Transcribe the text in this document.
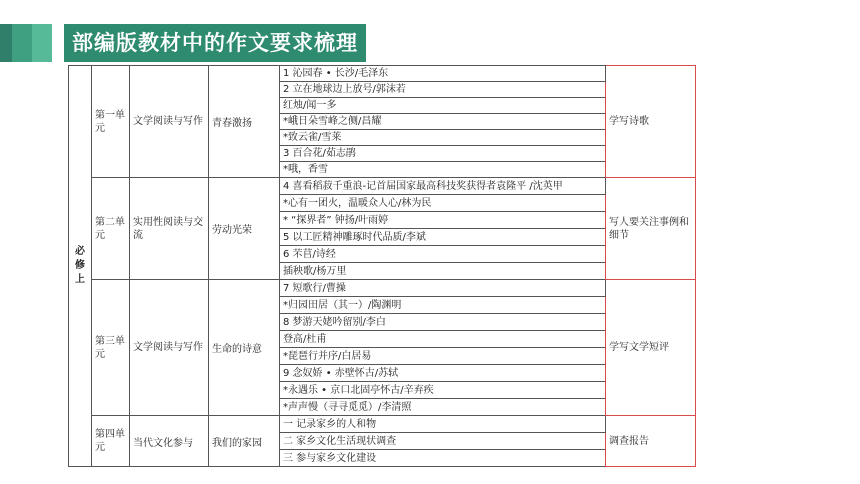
部编版教材中的作文要求梳理
必修上	第一单元	文学阅读与写作	青春激扬	1 沁园春 • 长沙/毛泽东	学写诗歌
				2 立在地球边上放号/郭沫若	
				红烛/闻一多	
				*峨日朵雪峰之侧/昌耀	
				*致云雀/雪莱	
				3 百合花/茹志鹃	
				*哦，香雪	
	第二单元	实用性阅读与交流	劳动光荣	4 喜看稻菽千重浪-记首届国家最高科技奖获得者袁隆平 /沈英甲	写人要关注事例和细节
				*心有一团火，温暖众人心/林为民	
				* “探界者” 钟扬/叶雨婷	
				5 以工匠精神雕琢时代品质/李斌	
				6 芣苢/诗经	
				插秧歌/杨万里	
	第三单元	文学阅读与写作	生命的诗意	7 短歌行/曹操	学写文学短评
				*归园田居（其一）/陶渊明	
				8 梦游天姥吟留别/李白	
				登高/杜甫	
				*琵琶行并序/白居易	
				9 念奴娇 • 赤壁怀古/苏轼	
				*永遇乐 • 京口北固亭怀古/辛弃疾	
				*声声慢（寻寻觅觅）/李清照	
	第四单元	当代文化参与	我们的家园	一 记录家乡的人和物	调查报告
				二 家乡文化生活现状调查	
				三 参与家乡文化建设	
